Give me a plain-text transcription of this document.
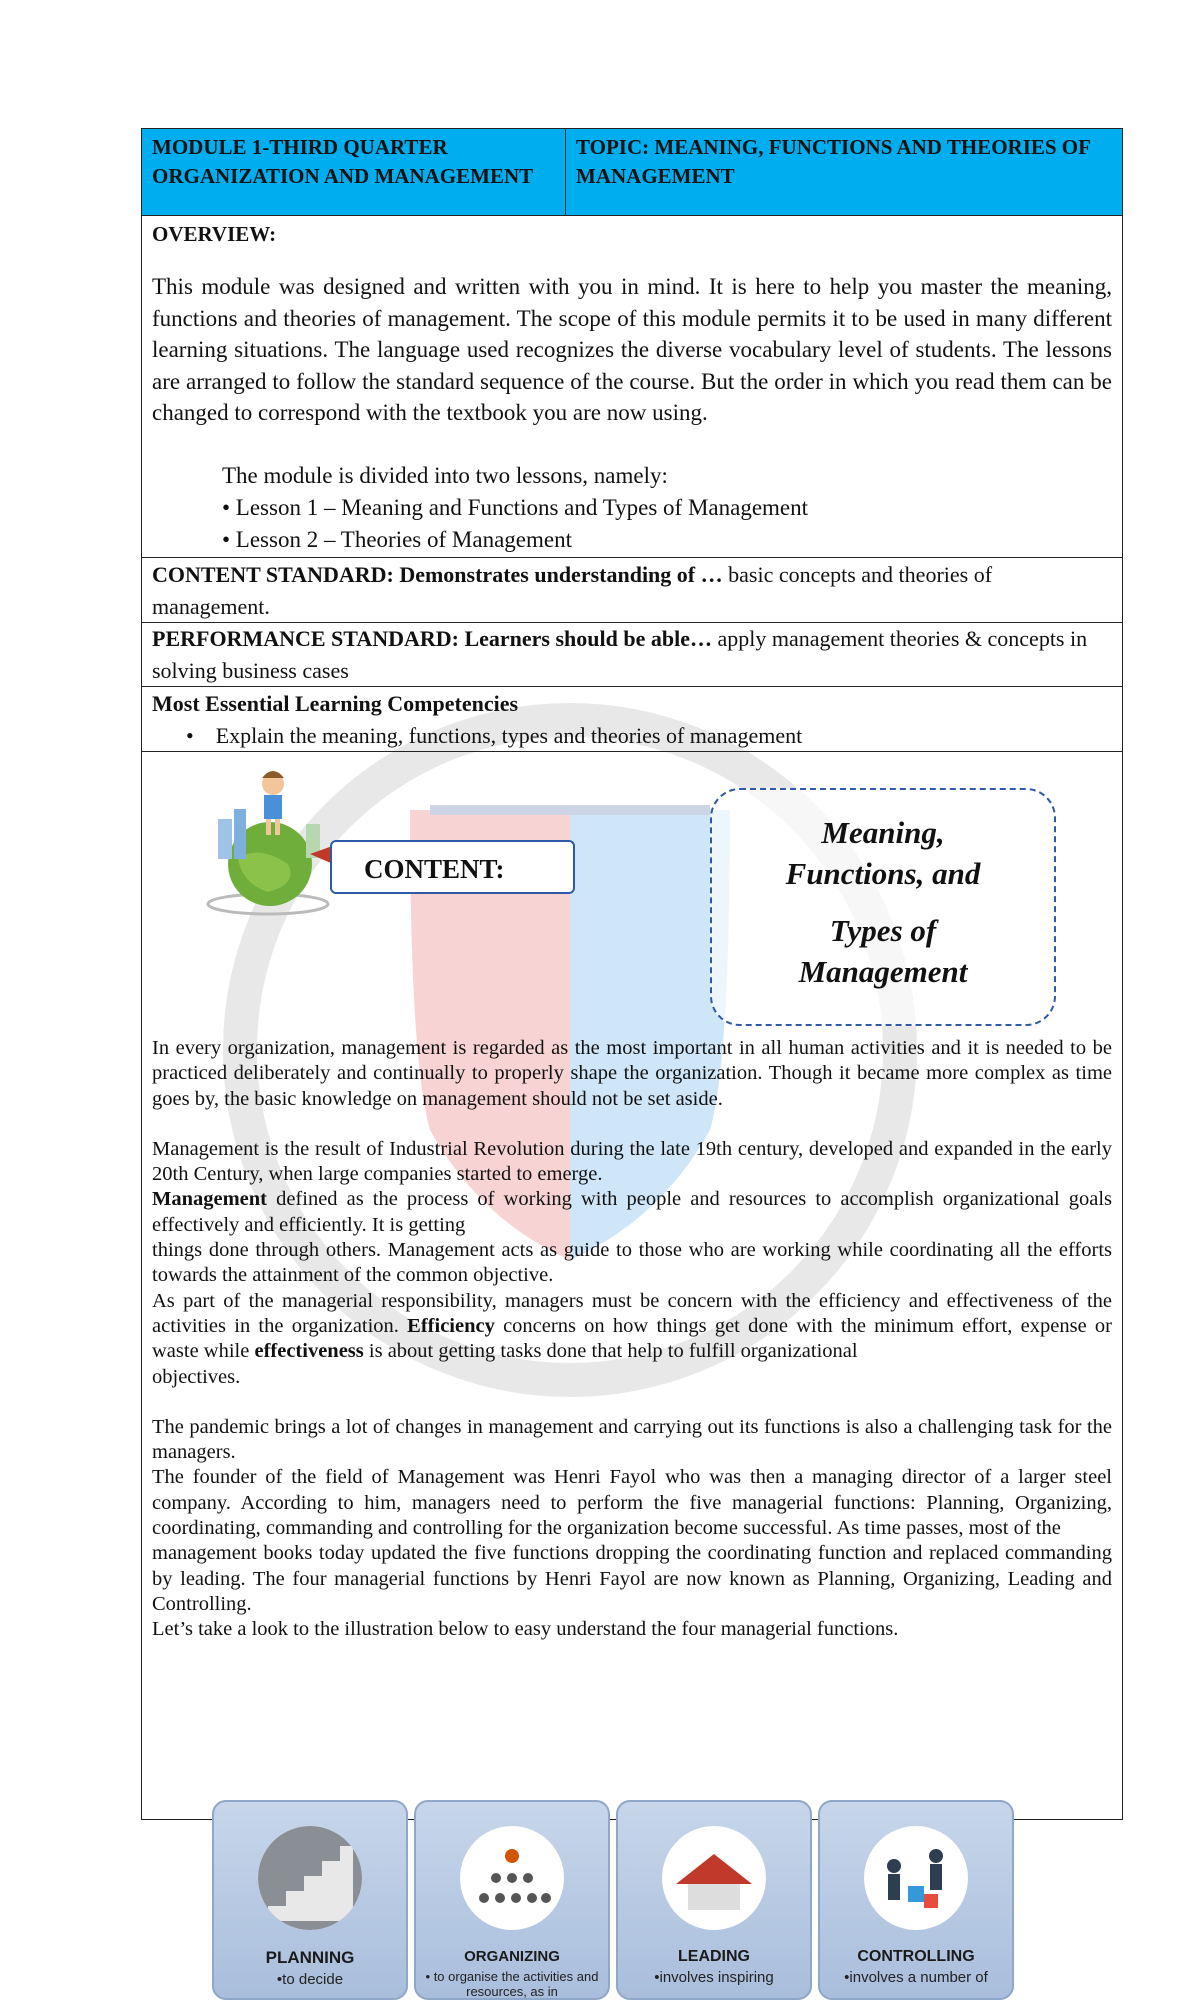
MODULE 1-THIRD QUARTER ORGANIZATION AND MANAGEMENT
TOPIC: MEANING, FUNCTIONS AND THEORIES OF MANAGEMENT
OVERVIEW:
This module was designed and written with you in mind. It is here to help you master the meaning, functions and theories of management. The scope of this module permits it to be used in many different learning situations. The language used recognizes the diverse vocabulary level of students. The lessons are arranged to follow the standard sequence of the course. But the order in which you read them can be changed to correspond with the textbook you are now using.
The module is divided into two lessons, namely:
• Lesson 1 – Meaning and Functions and Types of Management
• Lesson 2 – Theories of Management
CONTENT STANDARD: Demonstrates understanding of … basic concepts and theories of management.
PERFORMANCE STANDARD: Learners should be able… apply management theories & concepts in solving business cases
Most Essential Learning Competencies
•    Explain the meaning, functions, types and theories of management
CONTENT:
Meaning,
Functions, and
Types of
Management

In every organization, management is regarded as the most important in all human activities and it is needed to be practiced deliberately and continually to properly shape the organization. Though it became more complex as time goes by, the basic knowledge on management should not be set aside.

Management is the result of Industrial Revolution during the late 19th century, developed and expanded in the early 20th Century, when large companies started to emerge.

Management defined as the process of working with people and resources to accomplish organizational goals effectively and efficiently. It is getting

things done through others. Management acts as guide to those who are working while coordinating all the efforts towards the attainment of the common objective.

As part of the managerial responsibility, managers must be concern with the efficiency and effectiveness of the activities in the organization. Efficiency concerns on how things get done with the minimum effort, expense or waste while effectiveness is about getting tasks done that help to fulfill organizational

objectives.

The pandemic brings a lot of changes in management and carrying out its functions is also a challenging task for the managers.

The founder of the field of Management was Henri Fayol who was then a managing director of a larger steel company. According to him, managers need to perform the five managerial functions: Planning, Organizing, coordinating, commanding and controlling for the organization become successful. As time passes, most of the

management books today updated the five functions dropping the coordinating function and replaced commanding by leading. The four managerial functions by Henri Fayol are now known as Planning, Organizing, Leading and Controlling.

Let’s take a look to the illustration below to easy understand the four managerial functions.

PLANNING
•to decide
ORGANIZING
• to organise the activities and resources, as in
LEADING
•involves inspiring
CONTROLLING
•involves a number of
